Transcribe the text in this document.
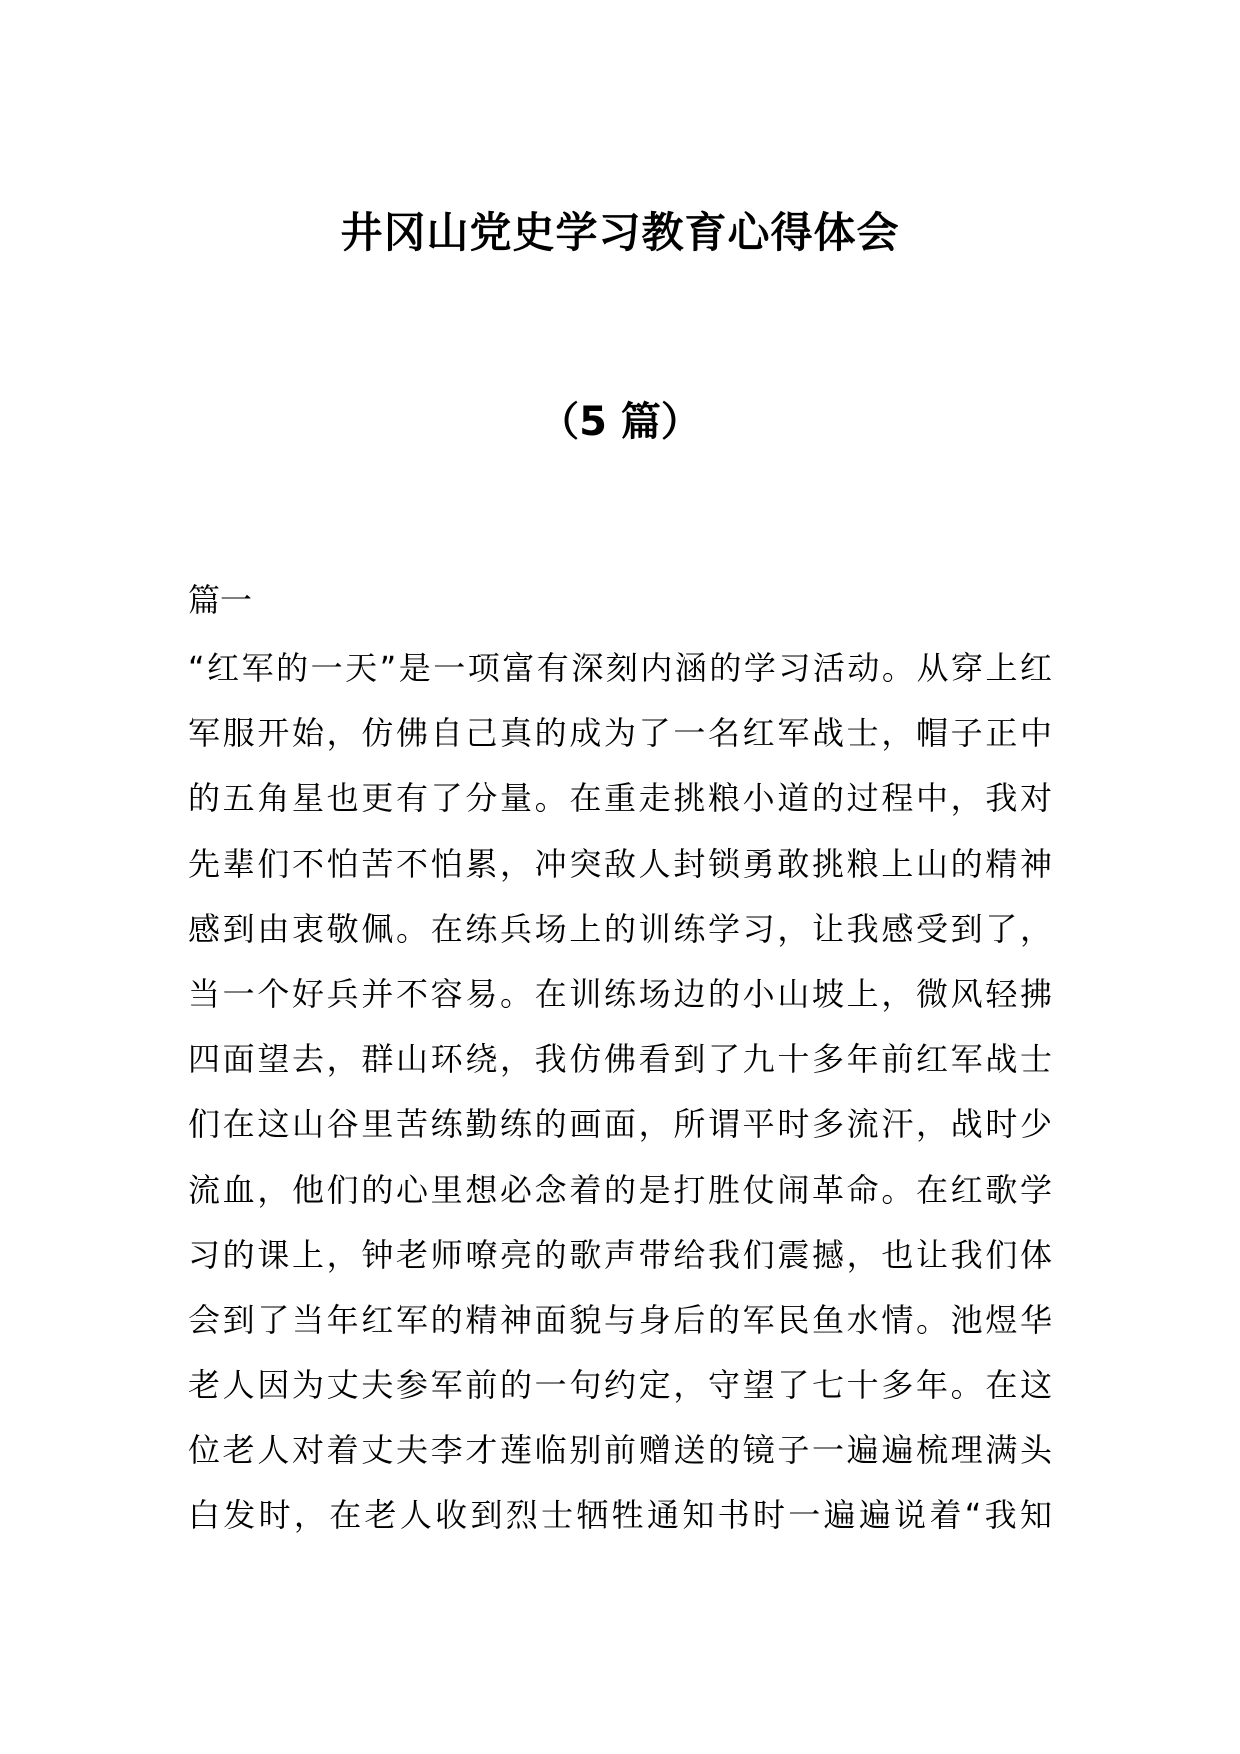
井冈山党史学习教育心得体会
（5 篇）
篇一
“红军的一天”是一项富有深刻内涵的学习活动。从穿上红
军服开始，仿佛自己真的成为了一名红军战士，帽子正中
的五角星也更有了分量。在重走挑粮小道的过程中，我对
先辈们不怕苦不怕累，冲突敌人封锁勇敢挑粮上山的精神
感到由衷敬佩。在练兵场上的训练学习，让我感受到了，
当一个好兵并不容易。在训练场边的小山坡上，微风轻拂
四面望去，群山环绕，我仿佛看到了九十多年前红军战士
们在这山谷里苦练勤练的画面，所谓平时多流汗，战时少
流血，他们的心里想必念着的是打胜仗闹革命。在红歌学
习的课上，钟老师嘹亮的歌声带给我们震撼，也让我们体
会到了当年红军的精神面貌与身后的军民鱼水情。池煜华
老人因为丈夫参军前的一句约定，守望了七十多年。在这
位老人对着丈夫李才莲临别前赠送的镜子一遍遍梳理满头
白发时，在老人收到烈士牺牲通知书时一遍遍说着“我知
